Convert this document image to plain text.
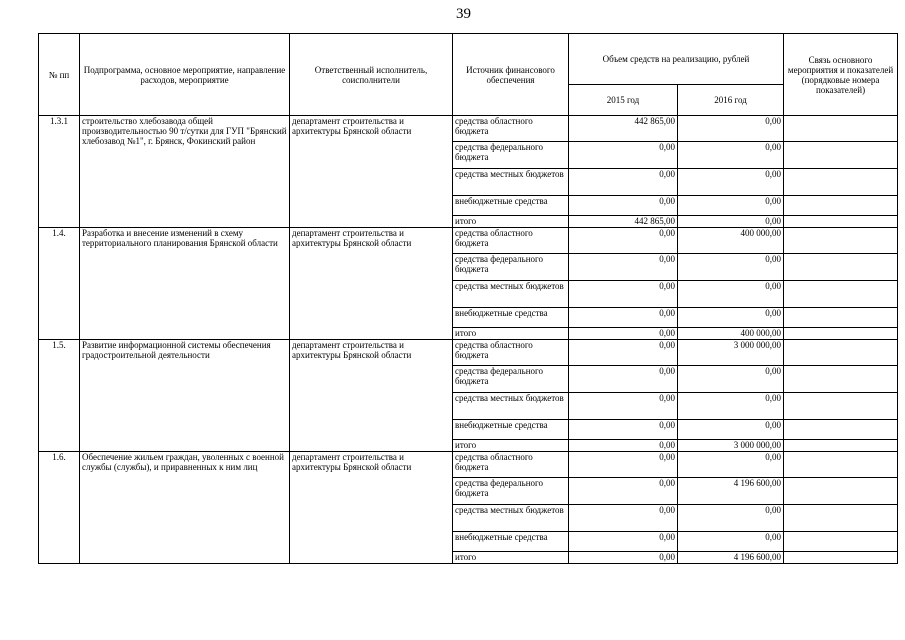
39
№ пп	Подпрограмма, основное мероприятие, направление расходов, мероприятие	Ответственный исполнитель, соисполнители	Источник финансового обеспечения	Объем средств на реализацию, рублей		Связь основного мероприятия и показателей (порядковые номера показателей)
				2015 год	2016 год	
1.3.1	строительство хлебозавода общей производительностью 90 т/сутки для ГУП "Брянский хлебозавод №1", г. Брянск, Фокинский район	департамент строительства и архитектуры Брянской области	средства областного бюджета	442 865,00	0,00	
			средства федерального бюджета	0,00	0,00	
			средства местных бюджетов	0,00	0,00	
			внебюджетные средства	0,00	0,00	
			итого	442 865,00	0,00	
1.4.	Разработка и внесение изменений в схему территориального планирования Брянской области	департамент строительства и архитектуры Брянской области	средства областного бюджета	0,00	400 000,00	
			средства федерального бюджета	0,00	0,00	
			средства местных бюджетов	0,00	0,00	
			внебюджетные средства	0,00	0,00	
			итого	0,00	400 000,00	
1.5.	Развитие информационной системы обеспечения градостроительной деятельности	департамент строительства и архитектуры Брянской области	средства областного бюджета	0,00	3 000 000,00	
			средства федерального бюджета	0,00	0,00	
			средства местных бюджетов	0,00	0,00	
			внебюджетные средства	0,00	0,00	
			итого	0,00	3 000 000,00	
1.6.	Обеспечение жильем граждан, уволенных с военной службы (службы), и приравненных к ним лиц	департамент строительства и архитектуры Брянской области	средства областного бюджета	0,00	0,00	
			средства федерального бюджета	0,00	4 196 600,00	
			средства местных бюджетов	0,00	0,00	
			внебюджетные средства	0,00	0,00	
			итого	0,00	4 196 600,00	
